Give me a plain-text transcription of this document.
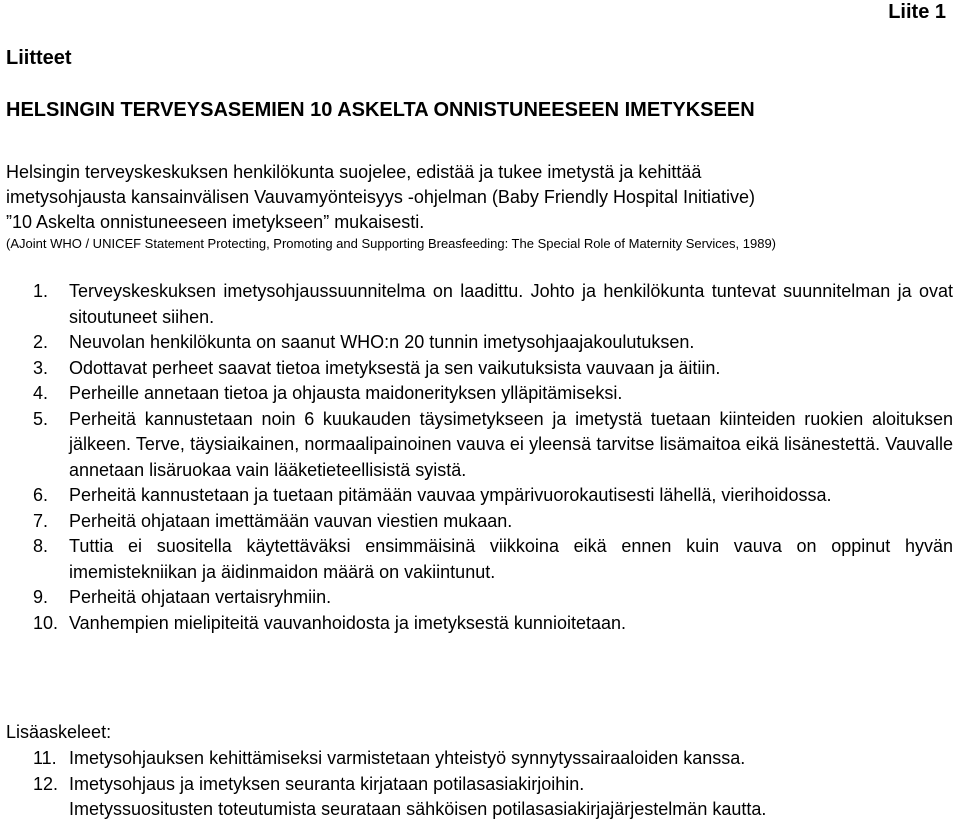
Liite 1
Liitteet
HELSINGIN TERVEYSASEMIEN 10 ASKELTA ONNISTUNEESEEN IMETYKSEEN
Helsingin terveyskeskuksen henkilökunta suojelee, edistää ja tukee imetystä ja kehittää
imetysohjausta kansainvälisen Vauvamyönteisyys -ohjelman (Baby Friendly Hospital Initiative)
”10 Askelta onnistuneeseen imetykseen” mukaisesti.
(AJoint WHO / UNICEF Statement Protecting, Promoting and Supporting Breasfeeding: The Special Role of Maternity Services, 1989)
1. Terveyskeskuksen imetysohjaussuunnitelma on laadittu. Johto ja henkilökunta tuntevat suunnitelman ja ovat sitoutuneet siihen.
2. Neuvolan henkilökunta on saanut WHO:n 20 tunnin imetysohjaajakoulutuksen.
3. Odottavat perheet saavat tietoa imetyksestä ja sen vaikutuksista vauvaan ja äitiin.
4. Perheille annetaan tietoa ja ohjausta maidonerityksen ylläpitämiseksi.
5. Perheitä kannustetaan noin 6 kuukauden täysimetykseen ja imetystä tuetaan kiinteiden ruokien aloituksen jälkeen. Terve, täysiaikainen, normaalipainoinen vauva ei yleensä tarvitse lisämaitoa eikä lisänestettä. Vauvalle annetaan lisäruokaa vain lääketieteellisistä syistä.
6. Perheitä kannustetaan ja tuetaan pitämään vauvaa ympärivuorokautisesti lähellä, vierihoidossa.
7. Perheitä ohjataan imettämään vauvan viestien mukaan.
8. Tuttia ei suositella käytettäväksi ensimmäisinä viikkoina eikä ennen kuin vauva on oppinut hyvän imemistekniikan ja äidinmaidon määrä on vakiintunut.
9. Perheitä ohjataan vertaisryhmiin.
10. Vanhempien mielipiteitä vauvanhoidosta ja imetyksestä kunnioitetaan.
Lisäaskeleet:
11. Imetysohjauksen kehittämiseksi varmistetaan yhteistyö synnytyssairaaloiden kanssa.
12. Imetysohjaus ja imetyksen seuranta kirjataan potilasasiakirjoihin.
Imetyssuositusten toteutumista seurataan sähköisen potilasasiakirjajärjestelmän kautta.
